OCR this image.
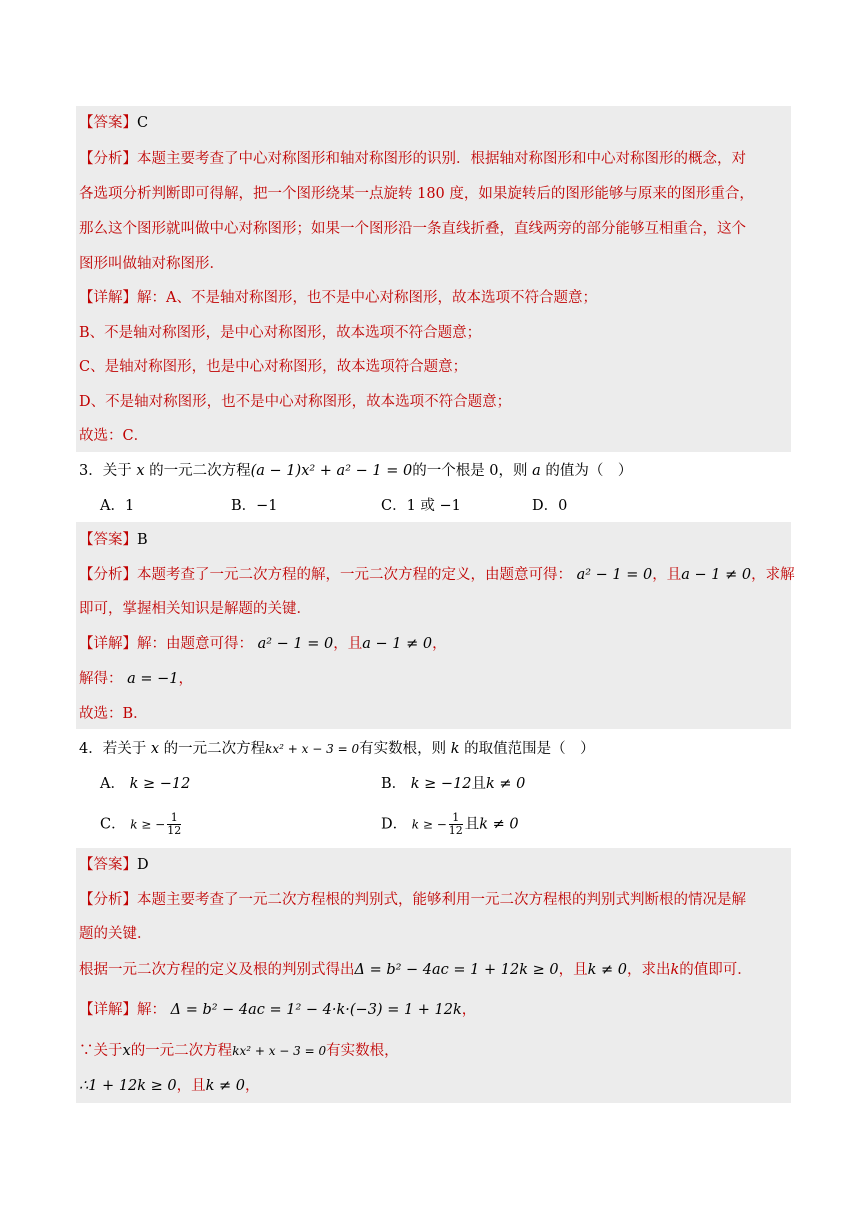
【答案】C
【分析】本题主要考查了中心对称图形和轴对称图形的识别．根据轴对称图形和中心对称图形的概念，对
各选项分析判断即可得解，把一个图形绕某一点旋转 180 度，如果旋转后的图形能够与原来的图形重合，
那么这个图形就叫做中心对称图形；如果一个图形沿一条直线折叠，直线两旁的部分能够互相重合，这个
图形叫做轴对称图形．
【详解】解：A、不是轴对称图形，也不是中心对称图形，故本选项不符合题意；
B、不是轴对称图形，是中心对称图形，故本选项不符合题意；
C、是轴对称图形，也是中心对称图形，故本选项符合题意；
D、不是轴对称图形，也不是中心对称图形，故本选项不符合题意；
故选：C．
3．关于 x 的一元二次方程(a − 1)x² + a² − 1 = 0的一个根是 0，则 a 的值为（　）
A．1	B．−1	C．1 或 −1	D．0
【答案】B
【分析】本题考查了一元二次方程的解，一元二次方程的定义，由题意可得： a² − 1 = 0，且a − 1 ≠ 0，求解
即可，掌握相关知识是解题的关键．
【详解】解：由题意可得： a² − 1 = 0，且a − 1 ≠ 0，
解得： a = −1，
故选：B．
4．若关于 x 的一元二次方程kx² + x − 3 = 0有实数根，则 k 的取值范围是（　）
A． k ≥ −12	B． k ≥ −12且k ≠ 0
C． k ≥ − $\frac{1}{12}$	D． k ≥ − $\frac{1}{12}$ 且k ≠ 0
【答案】D
【分析】本题主要考查了一元二次方程根的判别式，能够利用一元二次方程根的判别式判断根的情况是解
题的关键．
根据一元二次方程的定义及根的判别式得出Δ = b² − 4ac = 1 + 12k ≥ 0，且k ≠ 0，求出k的值即可．
【详解】解： Δ = b² − 4ac = 1² − 4·k·(−3) = 1 + 12k，
∵关于x的一元二次方程kx² + x − 3 = 0有实数根，
∴1 + 12k ≥ 0，且k ≠ 0，
